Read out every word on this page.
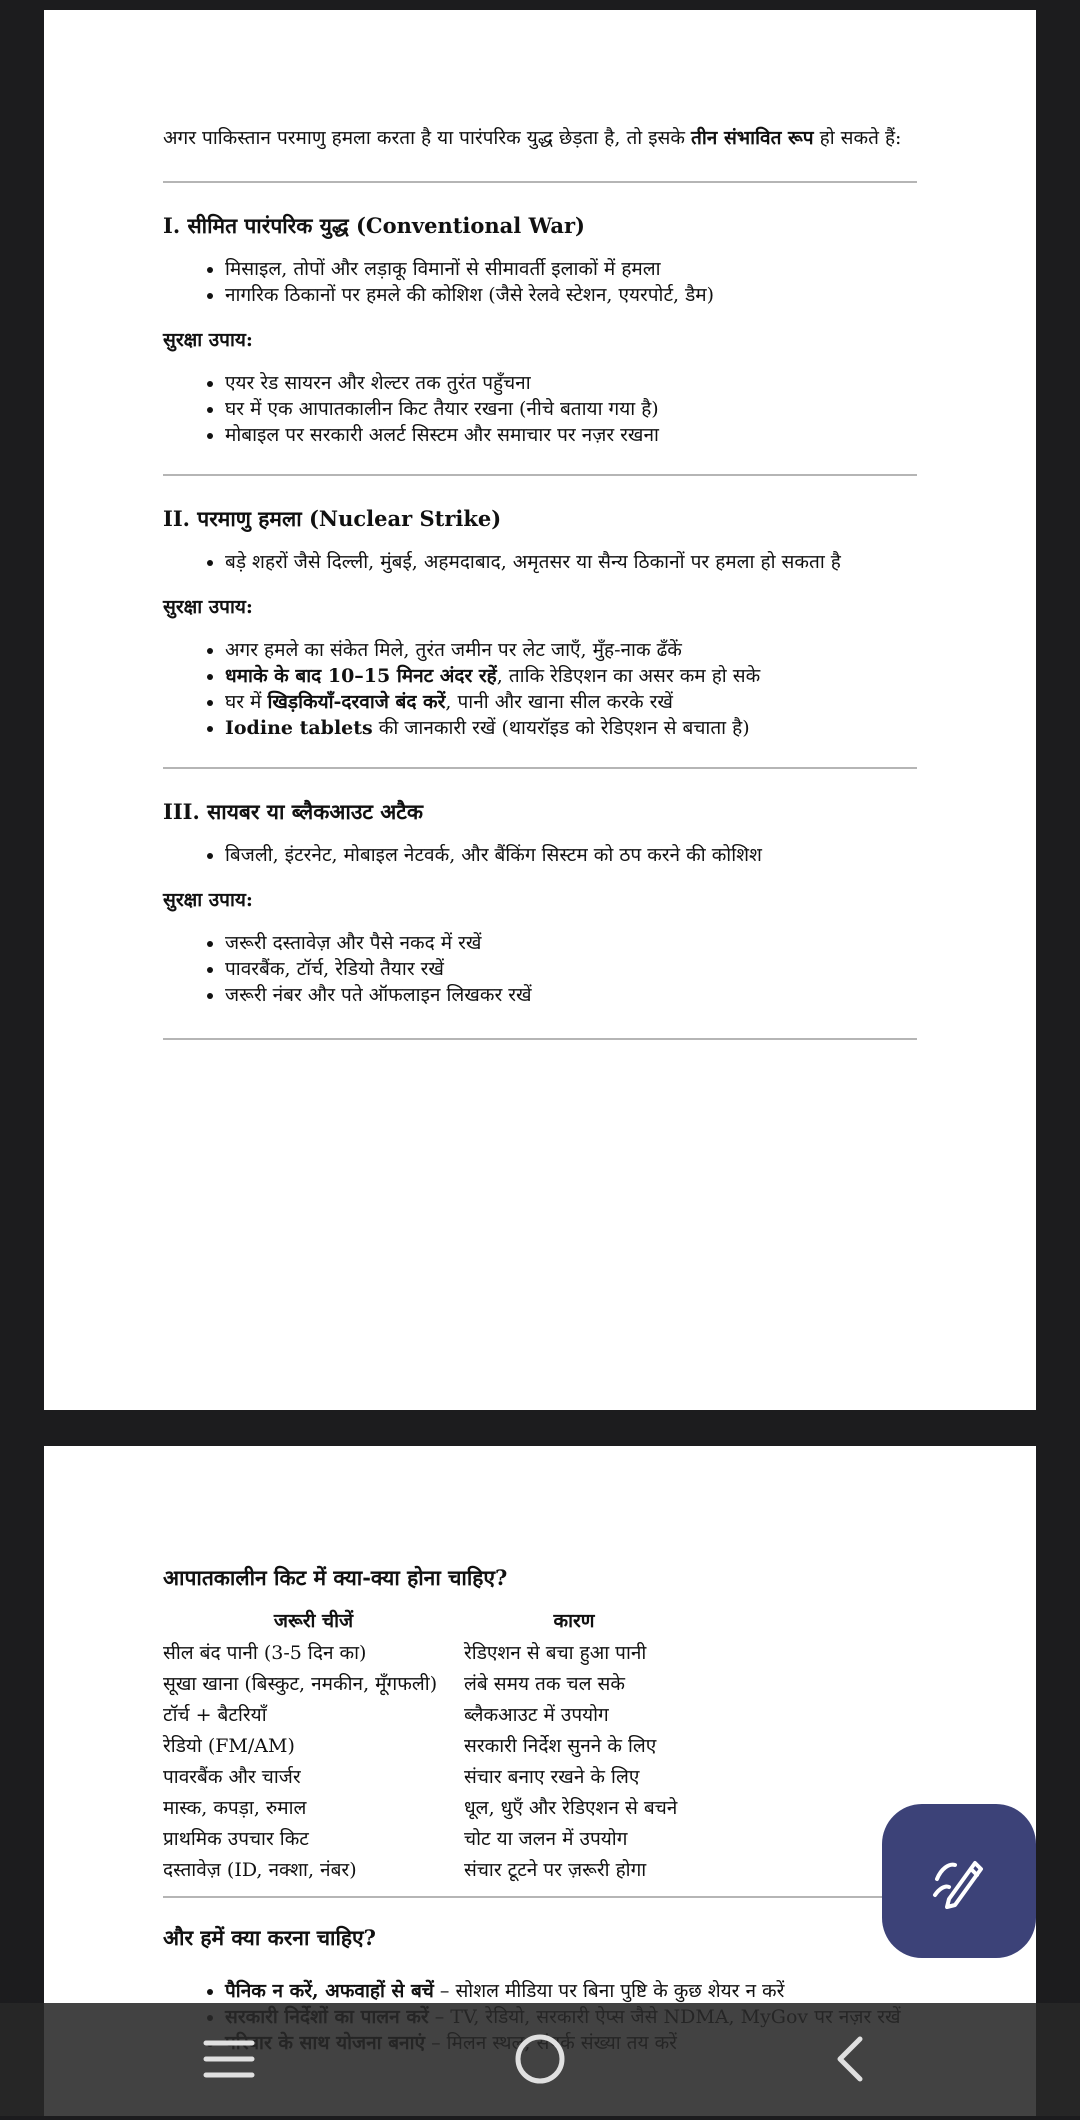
अगर पाकिस्तान परमाणु हमला करता है या पारंपरिक युद्ध छेड़ता है, तो इसके तीन संभावित रूप हो सकते हैं:
I. सीमित पारंपरिक युद्ध (Conventional War)
• मिसाइल, तोपों और लड़ाकू विमानों से सीमावर्ती इलाकों में हमला
• नागरिक ठिकानों पर हमले की कोशिश (जैसे रेलवे स्टेशन, एयरपोर्ट, डैम)
सुरक्षा उपाय:
• एयर रेड सायरन और शेल्टर तक तुरंत पहुँचना
• घर में एक आपातकालीन किट तैयार रखना (नीचे बताया गया है)
• मोबाइल पर सरकारी अलर्ट सिस्टम और समाचार पर नज़र रखना
II. परमाणु हमला (Nuclear Strike)
• बड़े शहरों जैसे दिल्ली, मुंबई, अहमदाबाद, अमृतसर या सैन्य ठिकानों पर हमला हो सकता है
सुरक्षा उपाय:
• अगर हमले का संकेत मिले, तुरंत जमीन पर लेट जाएँ, मुँह-नाक ढँकें
• धमाके के बाद 10–15 मिनट अंदर रहें, ताकि रेडिएशन का असर कम हो सके
• घर में खिड़कियाँ-दरवाजे बंद करें, पानी और खाना सील करके रखें
• Iodine tablets की जानकारी रखें (थायरॉइड को रेडिएशन से बचाता है)
III. सायबर या ब्लैकआउट अटैक
• बिजली, इंटरनेट, मोबाइल नेटवर्क, और बैंकिंग सिस्टम को ठप करने की कोशिश
सुरक्षा उपाय:
• जरूरी दस्तावेज़ और पैसे नकद में रखें
• पावरबैंक, टॉर्च, रेडियो तैयार रखें
• जरूरी नंबर और पते ऑफलाइन लिखकर रखें
आपातकालीन किट में क्या-क्या होना चाहिए?
जरूरी चीजें	कारण
सील बंद पानी (3-5 दिन का)	रेडिएशन से बचा हुआ पानी
सूखा खाना (बिस्कुट, नमकीन, मूँगफली)	लंबे समय तक चल सके
टॉर्च + बैटरियाँ	ब्लैकआउट में उपयोग
रेडियो (FM/AM)	सरकारी निर्देश सुनने के लिए
पावरबैंक और चार्जर	संचार बनाए रखने के लिए
मास्क, कपड़ा, रुमाल	धूल, धुएँ और रेडिएशन से बचने
प्राथमिक उपचार किट	चोट या जलन में उपयोग
दस्तावेज़ (ID, नक्शा, नंबर)	संचार टूटने पर ज़रूरी होगा
और हमें क्या करना चाहिए?
• पैनिक न करें, अफवाहों से बचें – सोशल मीडिया पर बिना पुष्टि के कुछ शेयर न करें
•
•
